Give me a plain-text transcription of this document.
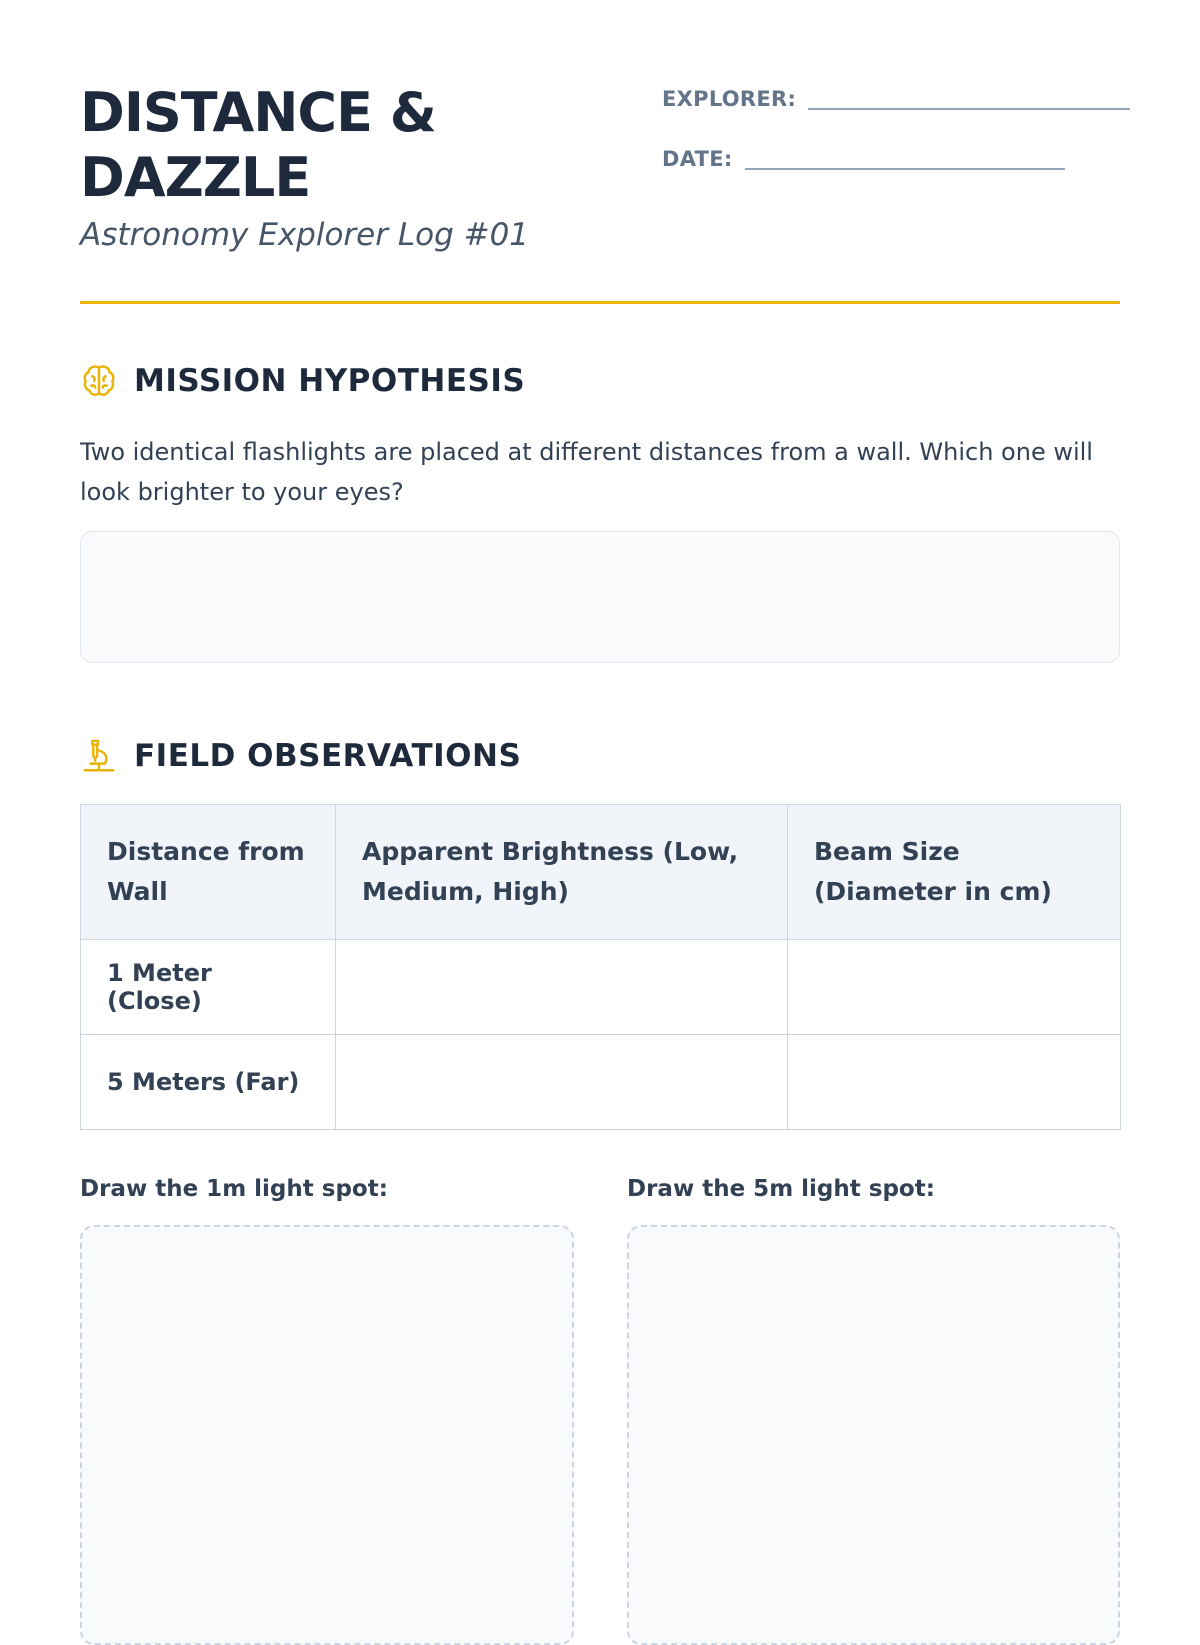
DISTANCE & DAZZLE

Astronomy Explorer Log #01

EXPLORER:
DATE:
MISSION HYPOTHESIS

Two identical flashlights are placed at different distances from a wall. Which one will look brighter to your eyes?

FIELD OBSERVATIONS
Distance from Wall	Apparent Brightness (Low, Medium, High)	Beam Size (Diameter in cm)
1 Meter (Close)		
5 Meters (Far)		

Draw the 1m light spot:	Draw the 5m light spot:
